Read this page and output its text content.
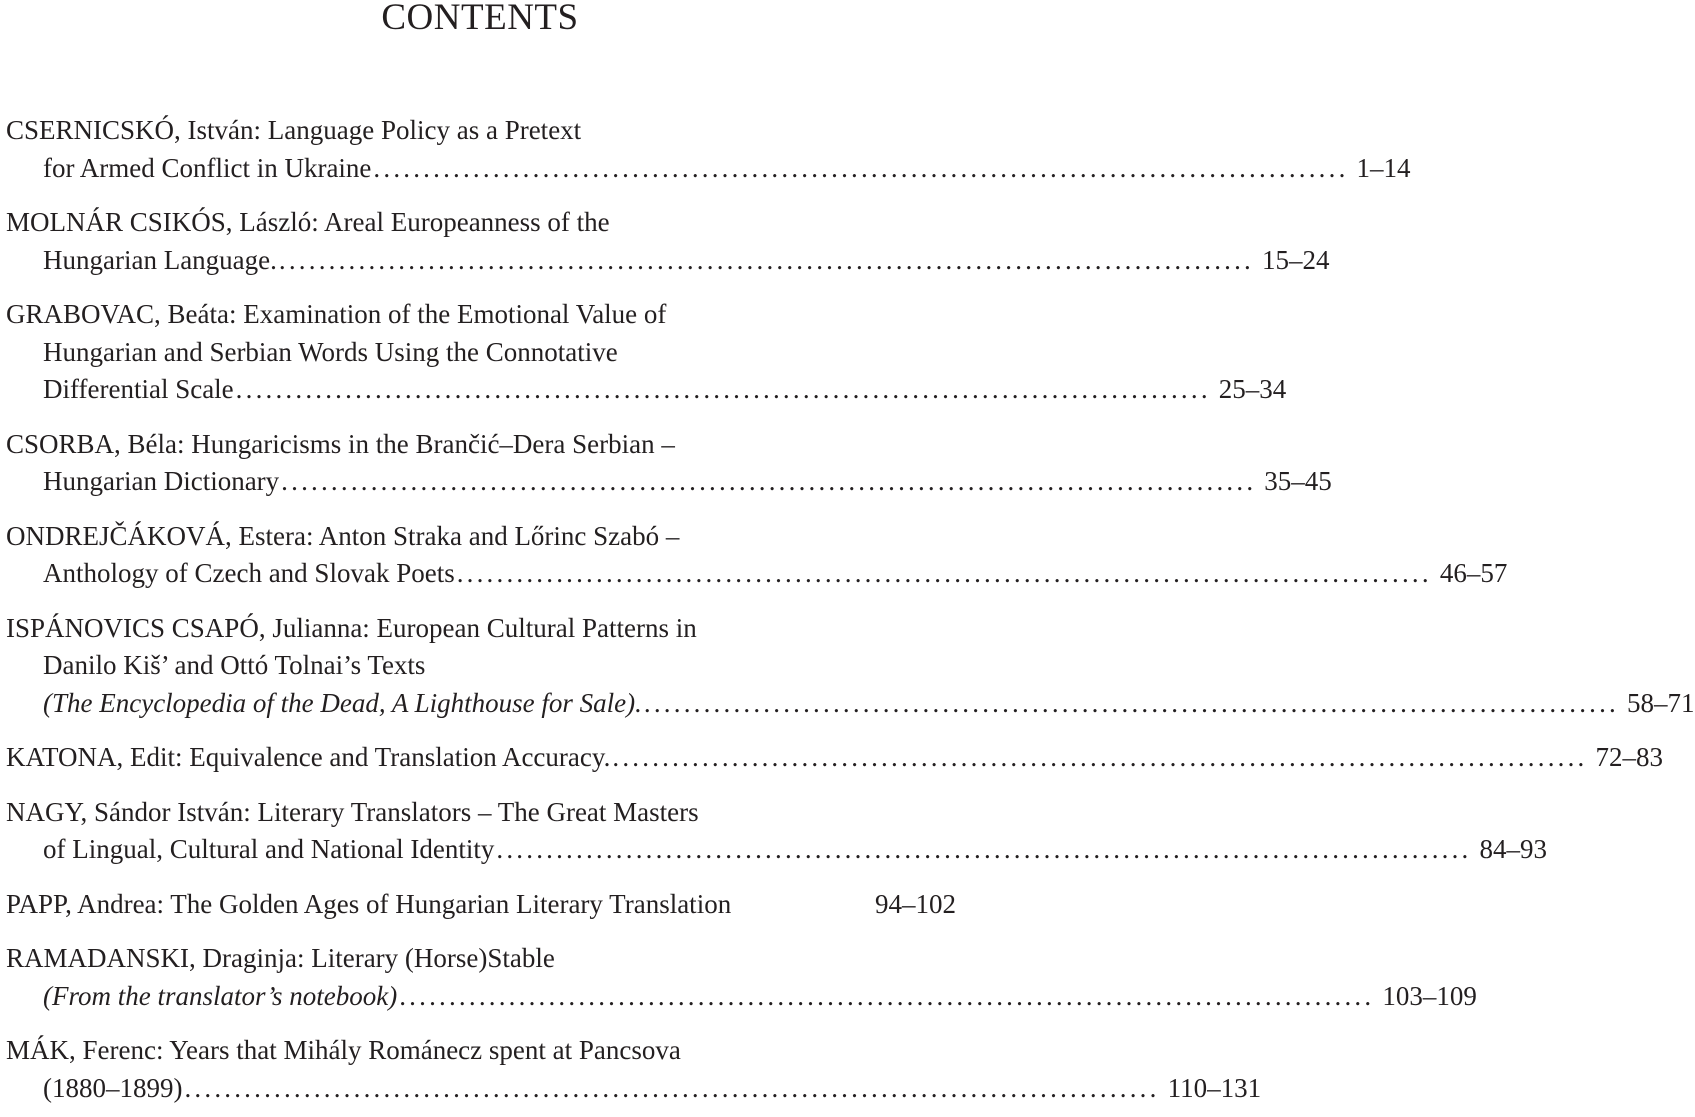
CONTENTS
CSERNICSKÓ, István: Language Policy as a Pretext
for Armed Conflict in Ukraine .................................................................................................. 1–14
MOLNÁR CSIKÓS, László: Areal Europeanness of the
Hungarian Language. .................................................................................................. 15–24
GRABOVAC, Beáta: Examination of the Emotional Value of
Hungarian and Serbian Words Using the Connotative
Differential Scale .................................................................................................. 25–34
CSORBA, Béla: Hungaricisms in the Brančić–Dera Serbian –
Hungarian Dictionary .................................................................................................. 35–45
ONDREJČÁKOVÁ, Estera: Anton Straka and Lőrinc Szabó –
Anthology of Czech and Slovak Poets .................................................................................................. 46–57
ISPÁNOVICS CSAPÓ, Julianna: European Cultural Patterns in
Danilo Kiš’ and Ottó Tolnai’s Texts
(The Encyclopedia of the Dead, A Lighthouse for Sale). .................................................................................................. 58–71
KATONA, Edit: Equivalence and Translation Accuracy. .................................................................................................. 72–83
NAGY, Sándor István: Literary Translators – The Great Masters
of Lingual, Cultural and National Identity .................................................................................................. 84–93
PAPP, Andrea: The Golden Ages of Hungarian Literary Translation	94–102
RAMADANSKI, Draginja: Literary (Horse)Stable
(From the translator’s notebook) .................................................................................................. 103–109
MÁK, Ferenc: Years that Mihály Románecz spent at Pancsova
(1880–1899) .................................................................................................. 110–131
